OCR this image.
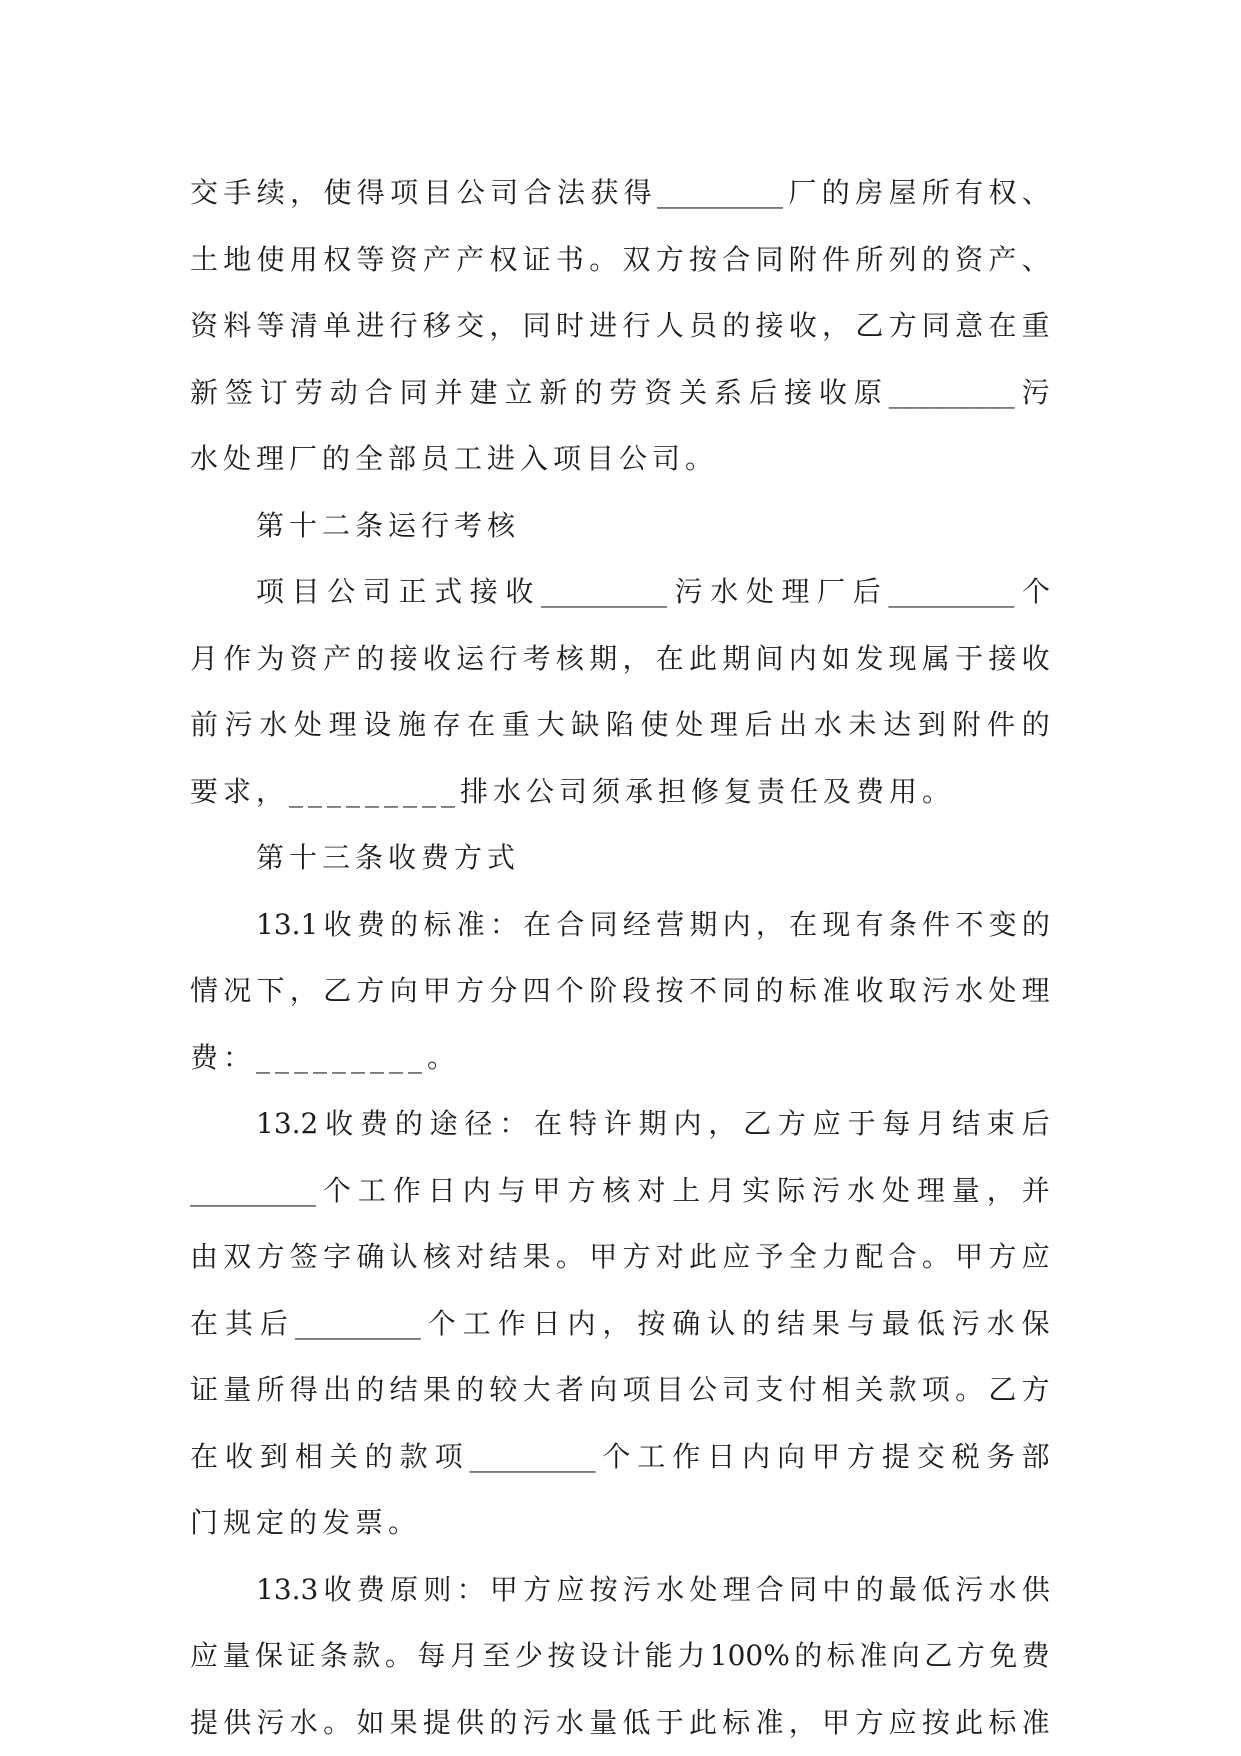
交 手 续 ， 使 得 项 目 公 司 合 法 获 得 _________ 厂 的 房 屋 所 有 权 、
土 地 使 用 权 等 资 产 产 权 证 书 。 双 方 按 合 同 附 件 所 列 的 资 产 、
资 料 等 清 单 进 行 移 交 ， 同 时 进 行 人 员 的 接 收 ， 乙 方 同 意 在 重
新 签 订 劳 动 合 同 并 建 立 新 的 劳 资 关 系 后 接 收 原 _________ 污
水处理厂的全部员工进入项目公司。
第十二条运行考核
项 目 公 司 正 式 接 收 _________ 污 水 处 理 厂 后 _________ 个
月 作 为 资 产 的 接 收 运 行 考 核 期 ， 在 此 期 间 内 如 发 现 属 于 接 收
前 污 水 处 理 设 施 存 在 重 大 缺 陷 使 处 理 后 出 水 未 达 到 附 件 的
要求，_________排水公司须承担修复责任及费用。
第十三条收费方式
13.1 收 费 的 标 准 ： 在 合 同 经 营 期 内 ， 在 现 有 条 件 不 变 的
情 况 下 ， 乙 方 向 甲 方 分 四 个 阶 段 按 不 同 的 标 准 收 取 污 水 处 理
费：_________。
13.2 收 费 的 途 径 ： 在 特 许 期 内 ， 乙 方 应 于 每 月 结 束 后
_________ 个 工 作 日 内 与 甲 方 核 对 上 月 实 际 污 水 处 理 量 ， 并
由 双 方 签 字 确 认 核 对 结 果 。 甲 方 对 此 应 予 全 力 配 合 。 甲 方 应
在 其 后 _________ 个 工 作 日 内 ， 按 确 认 的 结 果 与 最 低 污 水 保
证 量 所 得 出 的 结 果 的 较 大 者 向 项 目 公 司 支 付 相 关 款 项 。 乙 方
在 收 到 相 关 的 款 项 _________ 个 工 作 日 内 向 甲 方 提 交 税 务 部
门规定的发票。
13.3 收 费 原 则 ： 甲 方 应 按 污 水 处 理 合 同 中 的 最 低 污 水 供
应 量 保 证 条 款 。 每 月 至 少 按 设 计 能 力 100% 的 标 准 向 乙 方 免 费
提 供 污 水 。 如 果 提 供 的 污 水 量 低 于 此 标 准 ， 甲 方 应 按 此 标 准
